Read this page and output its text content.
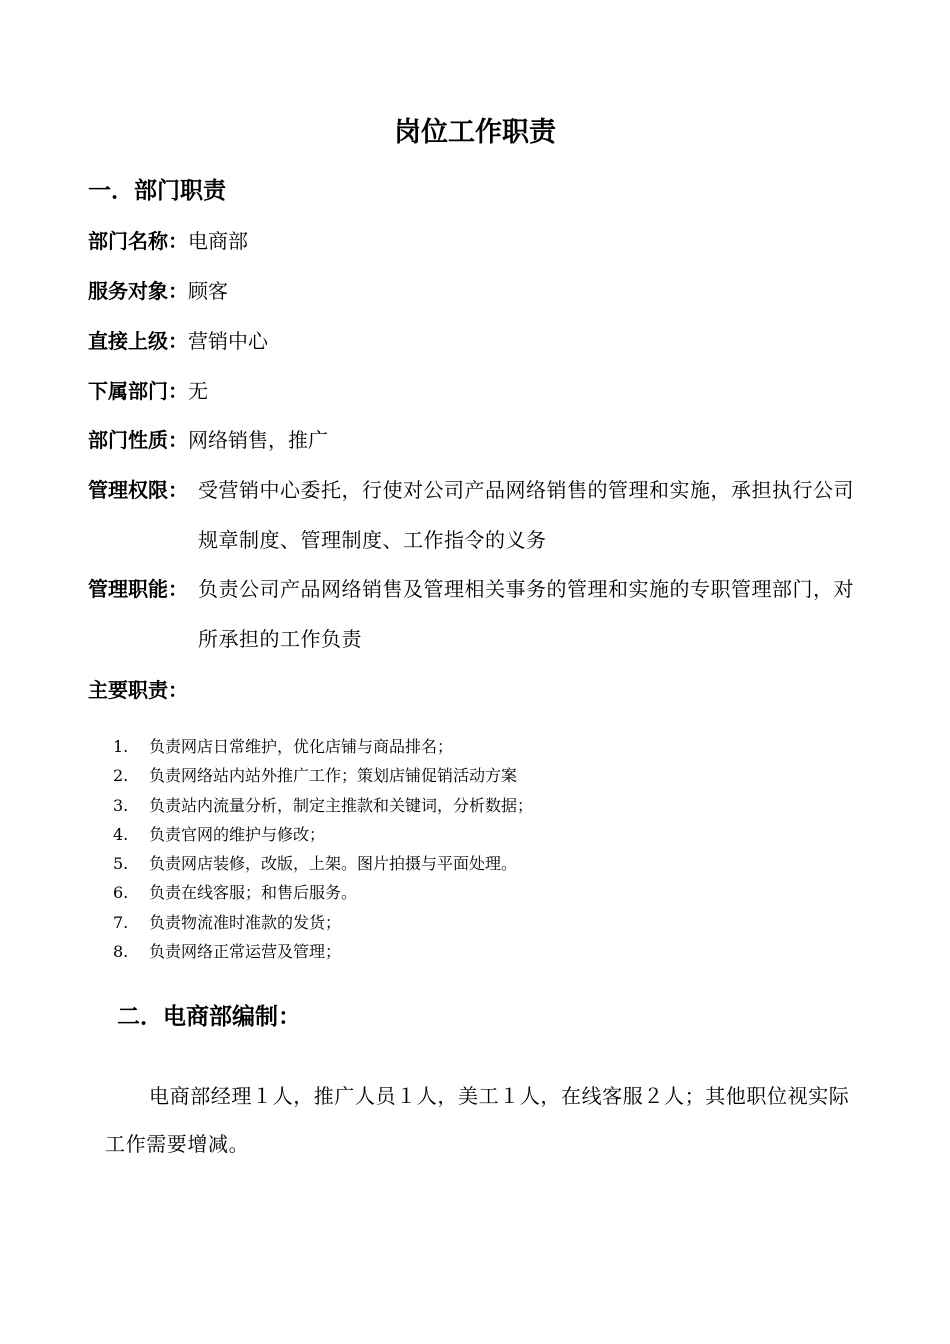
岗位工作职责
一．部门职责
部门名称：电商部
服务对象：顾客
直接上级：营销中心
下属部门：无
部门性质：网络销售，推广
管理权限： 受营销中心委托，行使对公司产品网络销售的管理和实施，承担执行公司规章制度、管理制度、工作指令的义务
管理职能： 负责公司产品网络销售及管理相关事务的管理和实施的专职管理部门，对所承担的工作负责
主要职责：
1. 负责网店日常维护，优化店铺与商品排名；
2. 负责网络站内站外推广工作；策划店铺促销活动方案
3. 负责站内流量分析，制定主推款和关键词，分析数据；
4. 负责官网的维护与修改；
5. 负责网店装修，改版，上架。图片拍摄与平面处理。
6. 负责在线客服；和售后服务。
7. 负责物流准时准款的发货；
8. 负责网络正常运营及管理；
二．电商部编制：

电商部经理１人，推广人员１人，美工１人，在线客服２人；其他职位视实际工作需要增减。
